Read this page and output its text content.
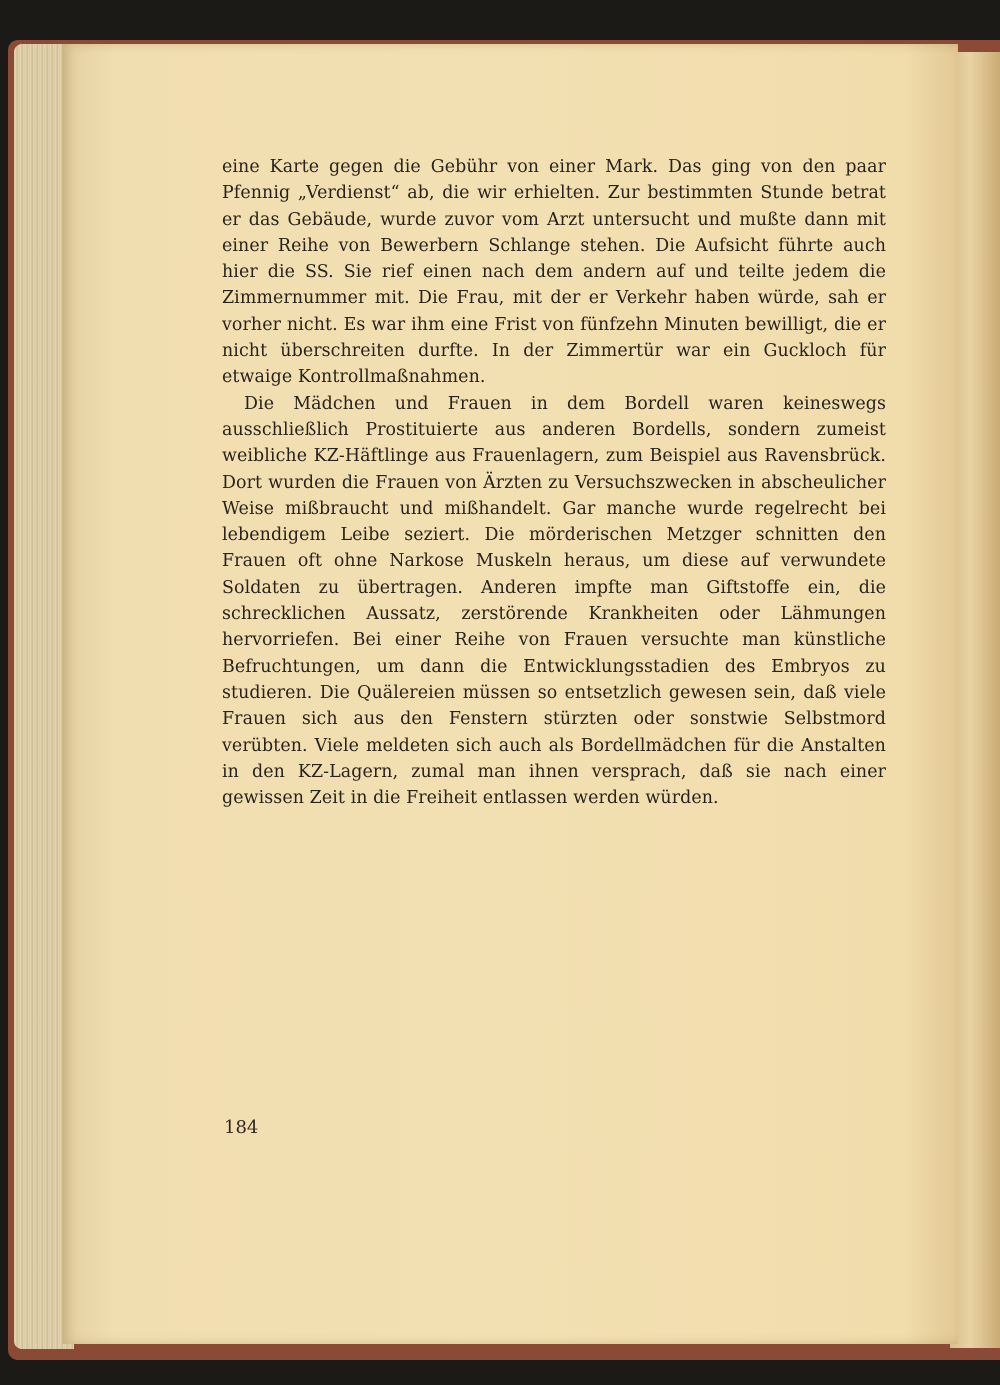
eine Karte gegen die Gebühr von einer Mark. Das ging von den paar Pfennig „Verdienst“ ab, die wir erhielten. Zur bestimmten Stunde betrat er das Gebäude, wurde zuvor vom Arzt untersucht und mußte dann mit einer Reihe von Bewerbern Schlange stehen. Die Aufsicht führte auch hier die SS. Sie rief einen nach dem andern auf und teilte jedem die Zimmernummer mit. Die Frau, mit der er Verkehr haben würde, sah er vorher nicht. Es war ihm eine Frist von fünfzehn Minuten bewilligt, die er nicht überschreiten durfte. In der Zimmertür war ein Guckloch für etwaige Kontrollmaßnahmen.

Die Mädchen und Frauen in dem Bordell waren keineswegs ausschließlich Prostituierte aus anderen Bordells, sondern zumeist weibliche KZ-Häftlinge aus Frauenlagern, zum Beispiel aus Ravensbrück. Dort wurden die Frauen von Ärzten zu Versuchszwecken in abscheulicher Weise mißbraucht und mißhandelt. Gar manche wurde regelrecht bei lebendigem Leibe seziert. Die mörderischen Metzger schnitten den Frauen oft ohne Narkose Muskeln heraus, um diese auf verwundete Soldaten zu übertragen. Anderen impfte man Giftstoffe ein, die schrecklichen Aussatz, zerstörende Krankheiten oder Lähmungen hervorriefen. Bei einer Reihe von Frauen versuchte man künstliche Befruchtungen, um dann die Entwicklungsstadien des Embryos zu studieren. Die Quälereien müssen so entsetzlich gewesen sein, daß viele Frauen sich aus den Fenstern stürzten oder sonstwie Selbstmord verübten. Viele meldeten sich auch als Bordellmädchen für die Anstalten in den KZ-Lagern, zumal man ihnen versprach, daß sie nach einer gewissen Zeit in die Freiheit entlassen werden würden.

184
